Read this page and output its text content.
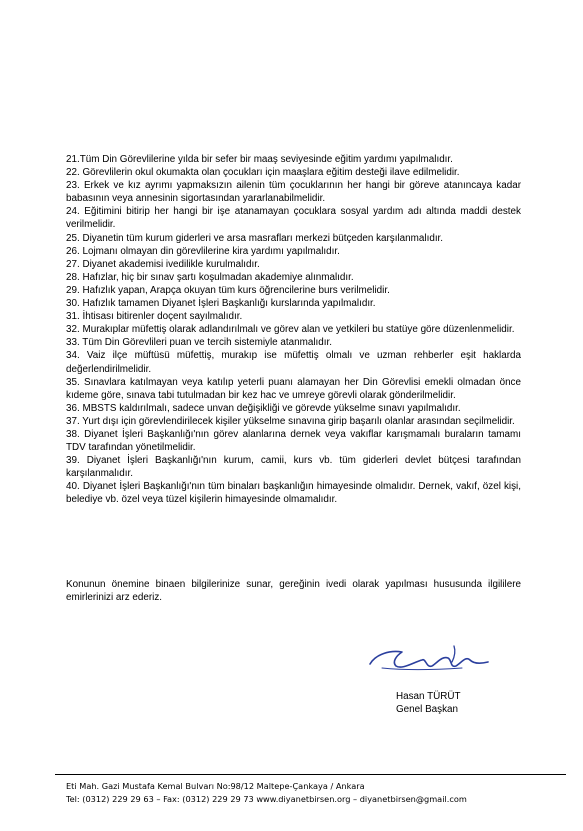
21.Tüm Din Görevlilerine yılda bir sefer bir maaş seviyesinde eğitim yardımı yapılmalıdır.
22. Görevlilerin okul okumakta olan çocukları için maaşlara eğitim desteği ilave edilmelidir.
23. Erkek ve kız ayrımı yapmaksızın ailenin tüm çocuklarının her hangi bir göreve atanıncaya kadar babasının veya annesinin sigortasından yararlanabilmelidir.
24. Eğitimini bitirip her hangi bir işe atanamayan çocuklara sosyal yardım adı altında maddi destek verilmelidir.
25. Diyanetin tüm kurum giderleri ve arsa masrafları merkezi bütçeden karşılanmalıdır.
26. Lojmanı olmayan din görevlilerine kira yardımı yapılmalıdır.
27. Diyanet akademisi ivedilikle kurulmalıdır.
28. Hafızlar, hiç bir sınav şartı koşulmadan akademiye alınmalıdır.
29. Hafızlık yapan, Arapça okuyan tüm kurs öğrencilerine burs verilmelidir.
30. Hafızlık tamamen Diyanet İşleri Başkanlığı kurslarında yapılmalıdır.
31. İhtisası bitirenler doçent sayılmalıdır.
32. Murakıplar müfettiş olarak adlandırılmalı ve görev alan ve yetkileri bu statüye göre düzenlenmelidir.
33. Tüm Din Görevlileri puan ve tercih sistemiyle atanmalıdır.
34. Vaiz ilçe müftüsü müfettiş, murakıp ise müfettiş olmalı ve uzman rehberler eşit haklarda değerlendirilmelidir.
35. Sınavlara katılmayan veya katılıp yeterli puanı alamayan her Din Görevlisi emekli olmadan önce kıdeme göre, sınava tabi tutulmadan bir kez hac ve umreye görevli olarak gönderilmelidir.
36. MBSTS kaldırılmalı, sadece unvan değişikliği ve görevde yükselme sınavı yapılmalıdır.
37. Yurt dışı için görevlendirilecek kişiler yükselme sınavına girip başarılı olanlar arasından seçilmelidir.
38. Diyanet İşleri Başkanlığı'nın görev alanlarına dernek veya vakıflar karışmamalı buraların tamamı TDV tarafından yönetilmelidir.
39. Diyanet İşleri Başkanlığı'nın kurum, camii, kurs vb. tüm giderleri devlet bütçesi tarafından karşılanmalıdır.
40. Diyanet İşleri Başkanlığı'nın tüm binaları başkanlığın himayesinde olmalıdır. Dernek, vakıf, özel kişi, belediye vb. özel veya tüzel kişilerin himayesinde olmamalıdır.

Konunun önemine binaen bilgilerinize sunar, gereğinin ivedi olarak yapılması hususunda ilgililere emirlerinizi arz ederiz.

Hasan TÜRÜT
Genel Başkan
Eti Mah. Gazi Mustafa Kemal Bulvarı No:98/12 Maltepe-Çankaya / Ankara
Tel: (0312) 229 29 63 – Fax: (0312) 229 29 73 www.diyanetbirsen.org – diyanetbirsen@gmail.com
